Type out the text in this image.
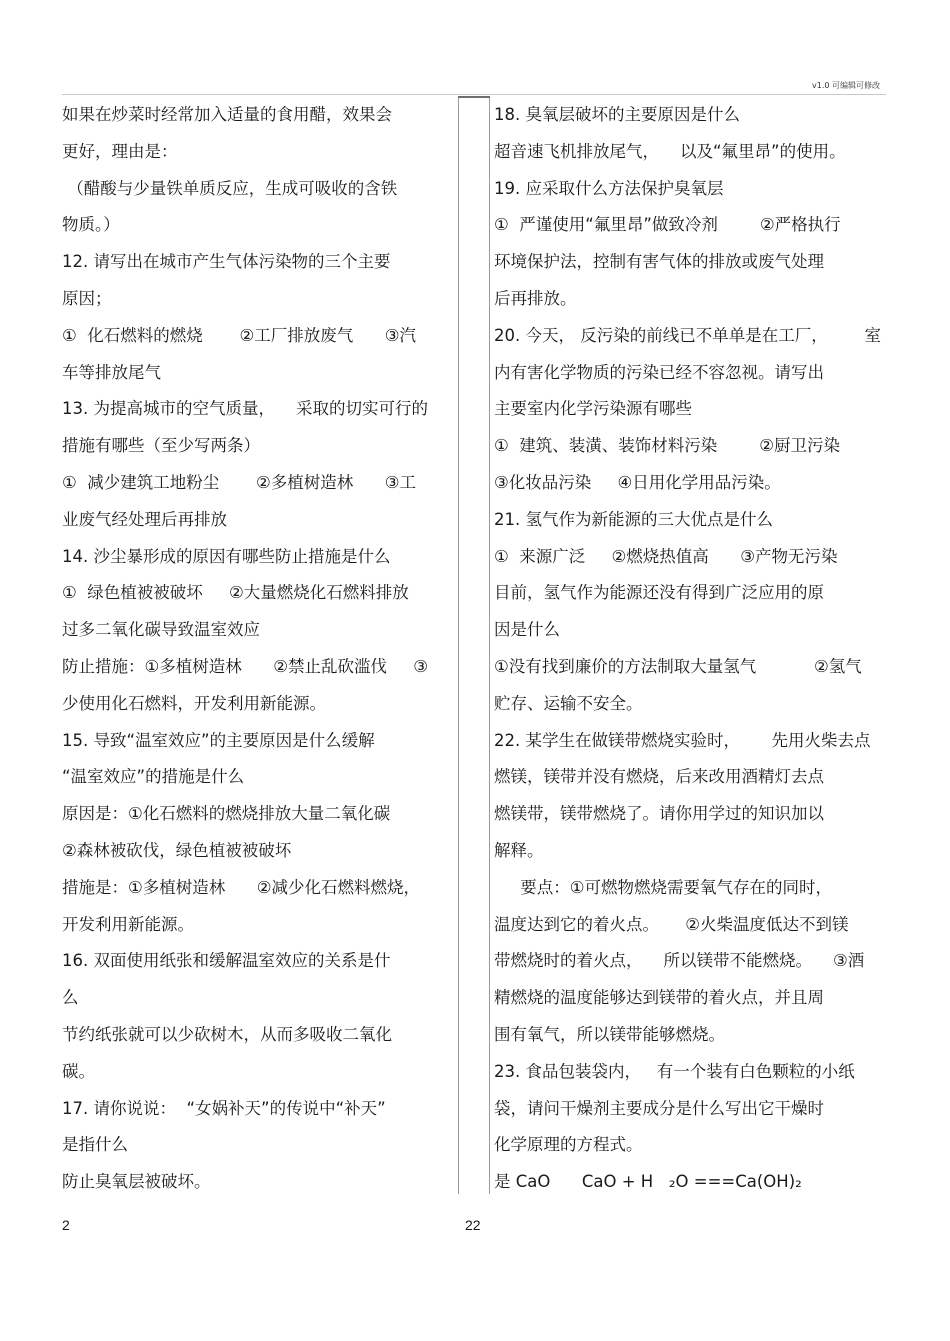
v1.0 可编辑可修改
如果在炒菜时经常加入适量的食用醋，效果会
更好，理由是：
（醋酸与少量铁单质反应，生成可吸收的含铁
物质。）
12. 请写出在城市产生气体污染物的三个主要
原因；
①  化石燃料的燃烧       ②工厂排放废气      ③汽
车等排放尾气
13. 为提高城市的空气质量，    采取的切实可行的
措施有哪些（至少写两条）
①  减少建筑工地粉尘       ②多植树造林      ③工
业废气经处理后再排放
14. 沙尘暴形成的原因有哪些防止措施是什么
①  绿色植被被破坏     ②大量燃烧化石燃料排放
过多二氧化碳导致温室效应
防止措施：①多植树造林      ②禁止乱砍滥伐     ③
少使用化石燃料，开发利用新能源。
15. 导致“温室效应”的主要原因是什么缓解
“温室效应”的措施是什么
原因是：①化石燃料的燃烧排放大量二氧化碳
②森林被砍伐，绿色植被被破坏
措施是：①多植树造林      ②减少化石燃料燃烧，
开发利用新能源。
16. 双面使用纸张和缓解温室效应的关系是什
么
节约纸张就可以少砍树木，从而多吸收二氧化
碳。
17. 请你说说：  “女娲补天”的传说中“补天”
是指什么
防止臭氧层被破坏。
18. 臭氧层破坏的主要原因是什么
超音速飞机排放尾气，    以及“氟里昂”的使用。
19. 应采取什么方法保护臭氧层
①  严谨使用“氟里昂”做致冷剂        ②严格执行
环境保护法，控制有害气体的排放或废气处理
后再排放。
20. 今天， 反污染的前线已不单单是在工厂，       室
内有害化学物质的污染已经不容忽视。请写出
主要室内化学污染源有哪些
①  建筑、装潢、装饰材料污染        ②厨卫污染
③化妆品污染     ④日用化学用品污染。
21. 氢气作为新能源的三大优点是什么
①  来源广泛     ②燃烧热值高      ③产物无污染
目前，氢气作为能源还没有得到广泛应用的原
因是什么
①没有找到廉价的方法制取大量氢气           ②氢气
贮存、运输不安全。
22. 某学生在做镁带燃烧实验时，      先用火柴去点
燃镁，镁带并没有燃烧，后来改用酒精灯去点
燃镁带，镁带燃烧了。请你用学过的知识加以
解释。
要点：①可燃物燃烧需要氧气存在的同时，
温度达到它的着火点。     ②火柴温度低达不到镁
带燃烧时的着火点，    所以镁带不能燃烧。    ③酒
精燃烧的温度能够达到镁带的着火点，并且周
围有氧气，所以镁带能够燃烧。
23. 食品包装袋内，   有一个装有白色颗粒的小纸
袋，请问干燥剂主要成分是什么写出它干燥时
化学原理的方程式。
是 CaO      CaO + H   ₂O ===Ca(OH)₂
2	22
